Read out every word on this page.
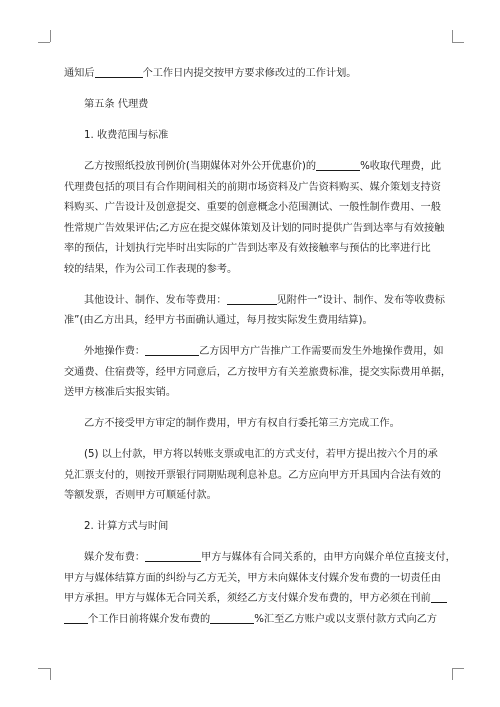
通知后	个工作日内提交按甲方要求修改过的工作计划。
第五条 代理费
1. 收费范围与标准
乙方按照纸投放刊例价(当期媒体对外公开优惠价)的	%收取代理费，此
代理费包括的项目有合作期间相关的前期市场资料及广告资料购买、媒介策划支持资
料购买、广告设计及创意提交、重要的创意概念小范围测试、一般性制作费用、一般
性常规广告效果评估;乙方应在提交媒体策划及计划的同时提供广告到达率与有效接触
率的预估，计划执行完毕时出实际的广告到达率及有效接触率与预估的比率进行比
较的结果，作为公司工作表现的参考。
其他设计、制作、发布等费用：	见附件一“设计、制作、发布等收费标
准”(由乙方出具，经甲方书面确认通过，每月按实际发生费用结算)。
外地操作费：	乙方因甲方广告推广工作需要而发生外地操作费用，如
交通费、住宿费等，经甲方同意后，乙方按甲方有关差旅费标准，提交实际费用单据，
送甲方核准后实报实销。
乙方不接受甲方审定的制作费用，甲方有权自行委托第三方完成工作。
(5) 以上付款，甲方将以转账支票或电汇的方式支付，若甲方提出按六个月的承
兑汇票支付的，则按开票银行同期贴现利息补息。乙方应向甲方开具国内合法有效的
等额发票，否则甲方可顺延付款。
2. 计算方式与时间
媒介发布费：	甲方与媒体有合同关系的，由甲方向媒介单位直接支付，
甲方与媒体结算方面的纠纷与乙方无关，甲方未向媒体支付媒介发布费的一切责任由
甲方承担。甲方与媒体无合同关系，须经乙方支付媒介发布费的，甲方必须在刊前
个工作日前将媒介发布费的	%汇至乙方账户或以支票付款方式向乙方
